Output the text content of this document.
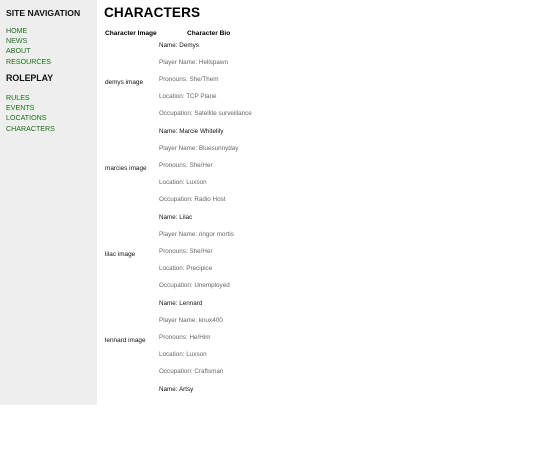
SITE NAVIGATION
HOME
NEWS
ABOUT
RESOURCES
ROLEPLAY
RULES
EVENTS
LOCATIONS
CHARACTERS
CHARACTERS
Character Image	Character Bio
demys image
Name: Demys
Player Name: Hellspawn
Pronouns: She/Them
Location: TCP Plane
Occupation: Satellite surveillance
marcies image
Name: Marcie Whitelily
Player Name: Bluesunnyday
Pronouns: She/Her
Location: Luxson
Occupation: Radio Host
lilac image
Name: Lilac
Player Name: ringor mortis
Pronouns: She/Her
Location: Precipice
Occupation: Unemployed
lennard image
Name: Lennard
Player Name: knux400
Pronouns: He/Him
Location: Luxson
Occupation: Craftsman
Name: Artsy
